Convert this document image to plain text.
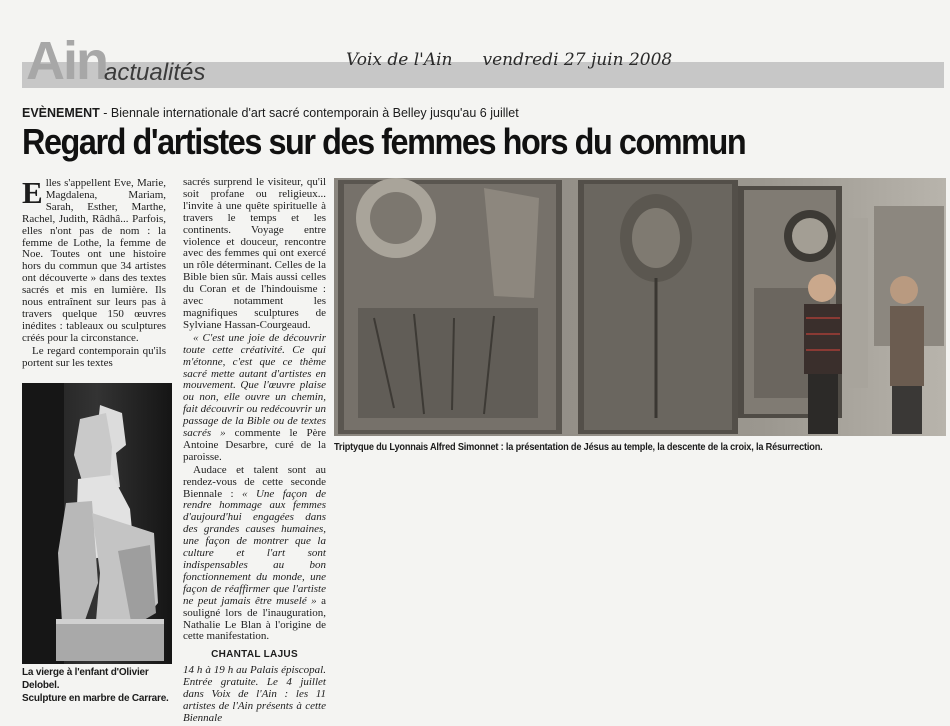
Ain
actualités	Voix de l'Ain vendredi 27 juin 2008
EVÈNEMENT - Biennale internationale d'art sacré contemporain à Belley jusqu'au 6 juillet
Regard d'artistes sur des femmes hors du commun

Elles s'appellent Eve, Marie, Magdalena, Mariam, Sarah, Esther, Marthe, Rachel, Judith, Râdhâ... Parfois, elles n'ont pas de nom : la femme de Lothe, la femme de Noe. Toutes ont une histoire hors du commun que 34 artistes ont découverte » dans des textes sacrés et mis en lumière. Ils nous entraînent sur leurs pas à travers quelque 150 œuvres inédites : tableaux ou sculptures créés pour la circonstance.

Le regard contemporain qu'ils portent sur les textes

sacrés surprend le visiteur, qu'il soit profane ou religieux... l'invite à une quête spirituelle à travers le temps et les continents. Voyage entre violence et douceur, rencontre avec des femmes qui ont exercé un rôle déterminant. Celles de la Bible bien sûr. Mais aussi celles du Coran et de l'hindouisme : avec notamment les magnifiques sculptures de Sylviane Hassan-Courgeaud.

« C'est une joie de découvrir toute cette créativité. Ce qui m'étonne, c'est que ce thème sacré mette autant d'artistes en mouvement. Que l'œuvre plaise ou non, elle ouvre un chemin, fait découvrir ou redécouvrir un passage de la Bible ou de textes sacrés » commente le Père Antoine Desarbre, curé de la paroisse.

Audace et talent sont au rendez-vous de cette seconde Biennale : « Une façon de rendre hommage aux femmes d'aujourd'hui engagées dans des grandes causes humaines, une façon de montrer que la culture et l'art sont indispensables au bon fonctionnement du monde, une façon de réaffirmer que l'artiste ne peut jamais être muselé » a souligné lors de l'inauguration, Nathalie Le Blan à l'origine de cette manifestation.

CHANTAL LAJUS

14 h à 19 h au Palais épiscopal. Entrée gratuite. Le 4 juillet dans Voix de l'Ain : les 11 artistes de l'Ain présents à cette Biennale

La vierge à l'enfant d'Olivier Delobel.
Sculpture en marbre de Carrare.
Triptyque du Lyonnais Alfred Simonnet : la présentation de Jésus au temple, la descente de la croix, la Résurrection.
